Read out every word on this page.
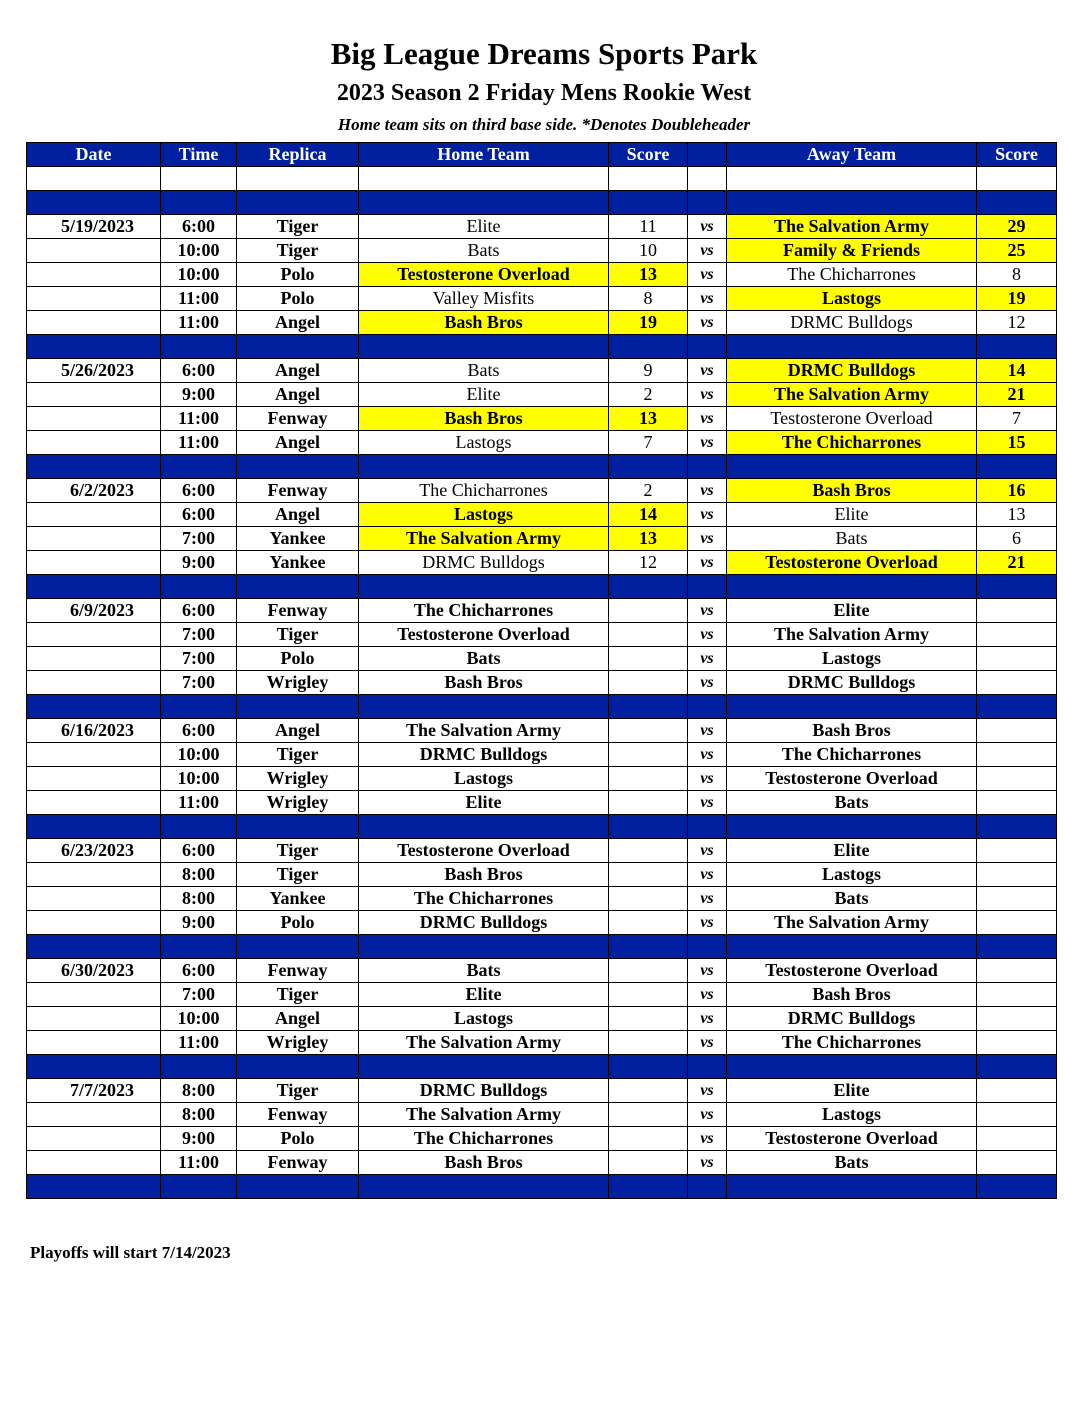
Big League Dreams Sports Park
2023 Season 2 Friday Mens Rookie West
Home team sits on third base side. *Denotes Doubleheader
Date	Time	Replica	Home Team	Score		Away Team	Score

5/19/2023	6:00	Tiger	Elite	11	vs	The Salvation Army	29
	10:00	Tiger	Bats	10	vs	Family & Friends	25
	10:00	Polo	Testosterone Overload	13	vs	The Chicharrones	8
	11:00	Polo	Valley Misfits	8	vs	Lastogs	19
	11:00	Angel	Bash Bros	19	vs	DRMC Bulldogs	12

5/26/2023	6:00	Angel	Bats	9	vs	DRMC Bulldogs	14
	9:00	Angel	Elite	2	vs	The Salvation Army	21
	11:00	Fenway	Bash Bros	13	vs	Testosterone Overload	7
	11:00	Angel	Lastogs	7	vs	The Chicharrones	15

6/2/2023	6:00	Fenway	The Chicharrones	2	vs	Bash Bros	16
	6:00	Angel	Lastogs	14	vs	Elite	13
	7:00	Yankee	The Salvation Army	13	vs	Bats	6
	9:00	Yankee	DRMC Bulldogs	12	vs	Testosterone Overload	21

6/9/2023	6:00	Fenway	The Chicharrones		vs	Elite	
	7:00	Tiger	Testosterone Overload		vs	The Salvation Army	
	7:00	Polo	Bats		vs	Lastogs	
	7:00	Wrigley	Bash Bros		vs	DRMC Bulldogs	

6/16/2023	6:00	Angel	The Salvation Army		vs	Bash Bros	
	10:00	Tiger	DRMC Bulldogs		vs	The Chicharrones	
	10:00	Wrigley	Lastogs		vs	Testosterone Overload	
	11:00	Wrigley	Elite		vs	Bats	

6/23/2023	6:00	Tiger	Testosterone Overload		vs	Elite	
	8:00	Tiger	Bash Bros		vs	Lastogs	
	8:00	Yankee	The Chicharrones		vs	Bats	
	9:00	Polo	DRMC Bulldogs		vs	The Salvation Army	

6/30/2023	6:00	Fenway	Bats		vs	Testosterone Overload	
	7:00	Tiger	Elite		vs	Bash Bros	
	10:00	Angel	Lastogs		vs	DRMC Bulldogs	
	11:00	Wrigley	The Salvation Army		vs	The Chicharrones	

7/7/2023	8:00	Tiger	DRMC Bulldogs		vs	Elite	
	8:00	Fenway	The Salvation Army		vs	Lastogs	
	9:00	Polo	The Chicharrones		vs	Testosterone Overload	
	11:00	Fenway	Bash Bros		vs	Bats	

Playoffs will start 7/14/2023
